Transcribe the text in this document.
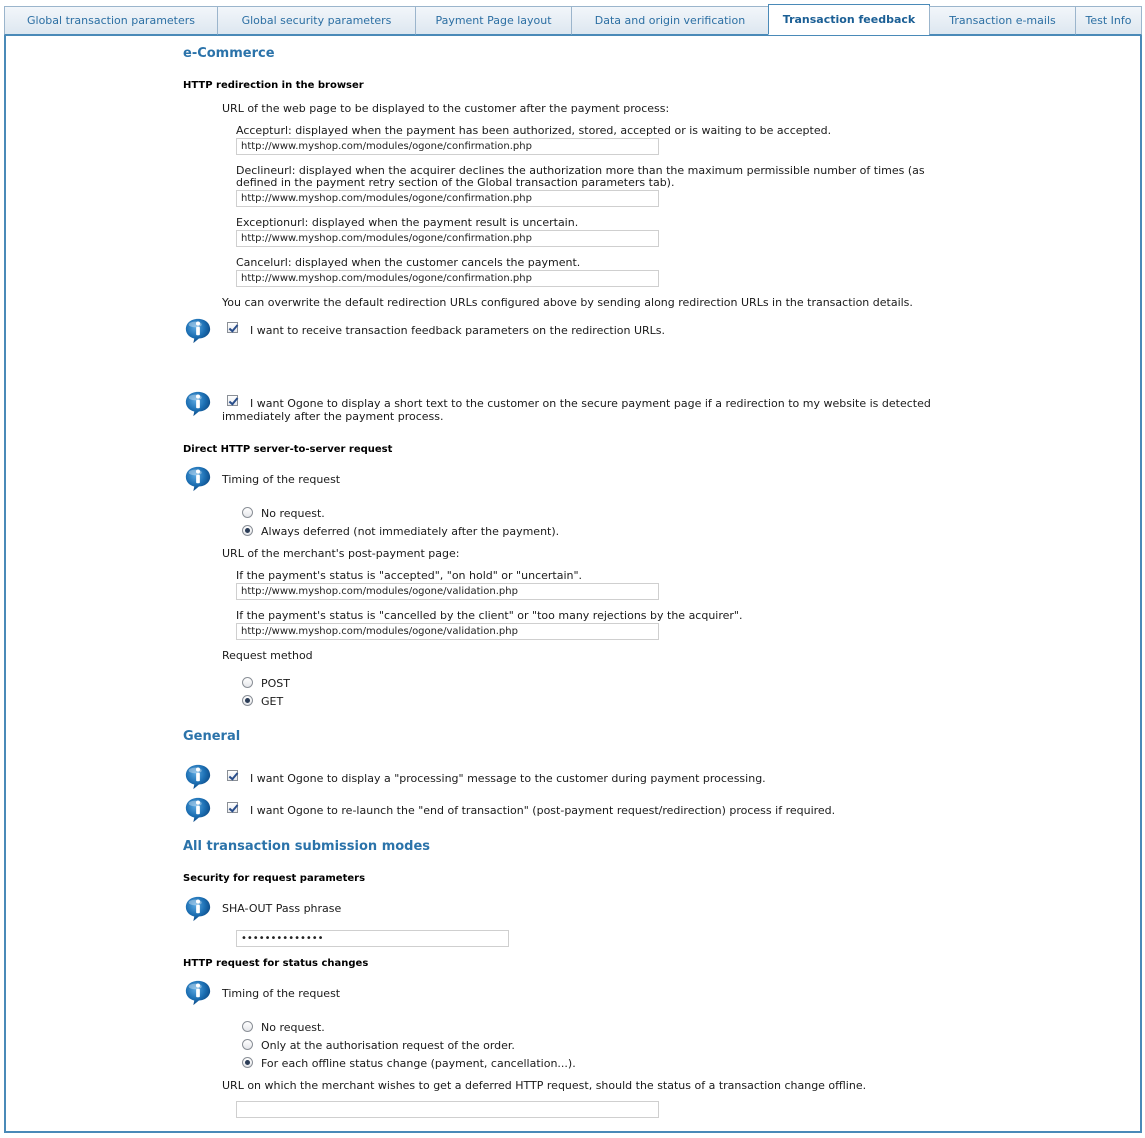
Global transaction parameters	Global security parameters	Payment Page layout	Data and origin verification	Transaction feedback	Transaction e-mails	Test Info
e-Commerce
HTTP redirection in the browser
URL of the web page to be displayed to the customer after the payment process:
Accepturl: displayed when the payment has been authorized, stored, accepted or is waiting to be accepted.
http://www.myshop.com/modules/ogone/confirmation.php
Declineurl: displayed when the acquirer declines the authorization more than the maximum permissible number of times (as
defined in the payment retry section of the Global transaction parameters tab).
http://www.myshop.com/modules/ogone/confirmation.php
Exceptionurl: displayed when the payment result is uncertain.
http://www.myshop.com/modules/ogone/confirmation.php
Cancelurl: displayed when the customer cancels the payment.
http://www.myshop.com/modules/ogone/confirmation.php
You can overwrite the default redirection URLs configured above by sending along redirection URLs in the transaction details.
I want to receive transaction feedback parameters on the redirection URLs.
I want Ogone to display a short text to the customer on the secure payment page if a redirection to my website is detected
immediately after the payment process.
Direct HTTP server-to-server request
Timing of the request
No request.
Always deferred (not immediately after the payment).
URL of the merchant's post-payment page:
If the payment's status is "accepted", "on hold" or "uncertain".
http://www.myshop.com/modules/ogone/validation.php
If the payment's status is "cancelled by the client" or "too many rejections by the acquirer".
http://www.myshop.com/modules/ogone/validation.php
Request method
POST
GET
General
I want Ogone to display a "processing" message to the customer during payment processing.
I want Ogone to re-launch the "end of transaction" (post-payment request/redirection) process if required.
All transaction submission modes
Security for request parameters
SHA-OUT Pass phrase
••••••••••••••
HTTP request for status changes
Timing of the request
No request.
Only at the authorisation request of the order.
For each offline status change (payment, cancellation...).
URL on which the merchant wishes to get a deferred HTTP request, should the status of a transaction change offline.
